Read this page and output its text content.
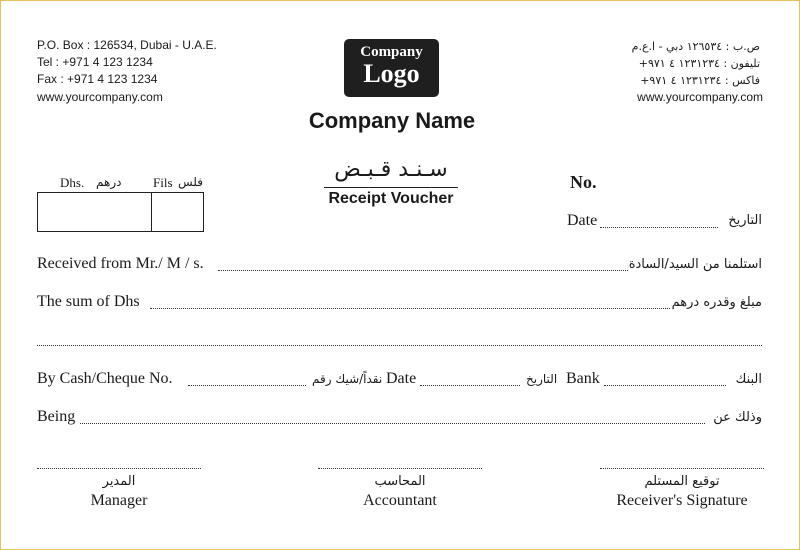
P.O. Box : 126534, Dubai - U.A.E.
Tel : +971 4 123 1234
Fax : +971 4 123 1234
www.yourcompany.com
ص.ب : ١٢٦٥٣٤ دبي - ا.ع.م
تليفون : ١٢٣١٢٣٤ ٤ ٩٧١+
فاكس : ١٢٣١٢٣٤ ٤ ٩٧١+
www.yourcompany.com
Company
Logo
Company Name
سـنـد قـبـض
Receipt Voucher
Dhs. درهم Fils فلس	No.
Date	التاريخ
Received from Mr./ M / s.	استلمنا من السيد/السادة
The sum of Dhs	مبلغ وقدره درهم
By Cash/Cheque No.	نقداً/شيك رقم Date	التاريخ Bank	البنك
Being	وذلك عن
المدير
Manager
المحاسب
Accountant
توقيع المستلم
Receiver's Signature
